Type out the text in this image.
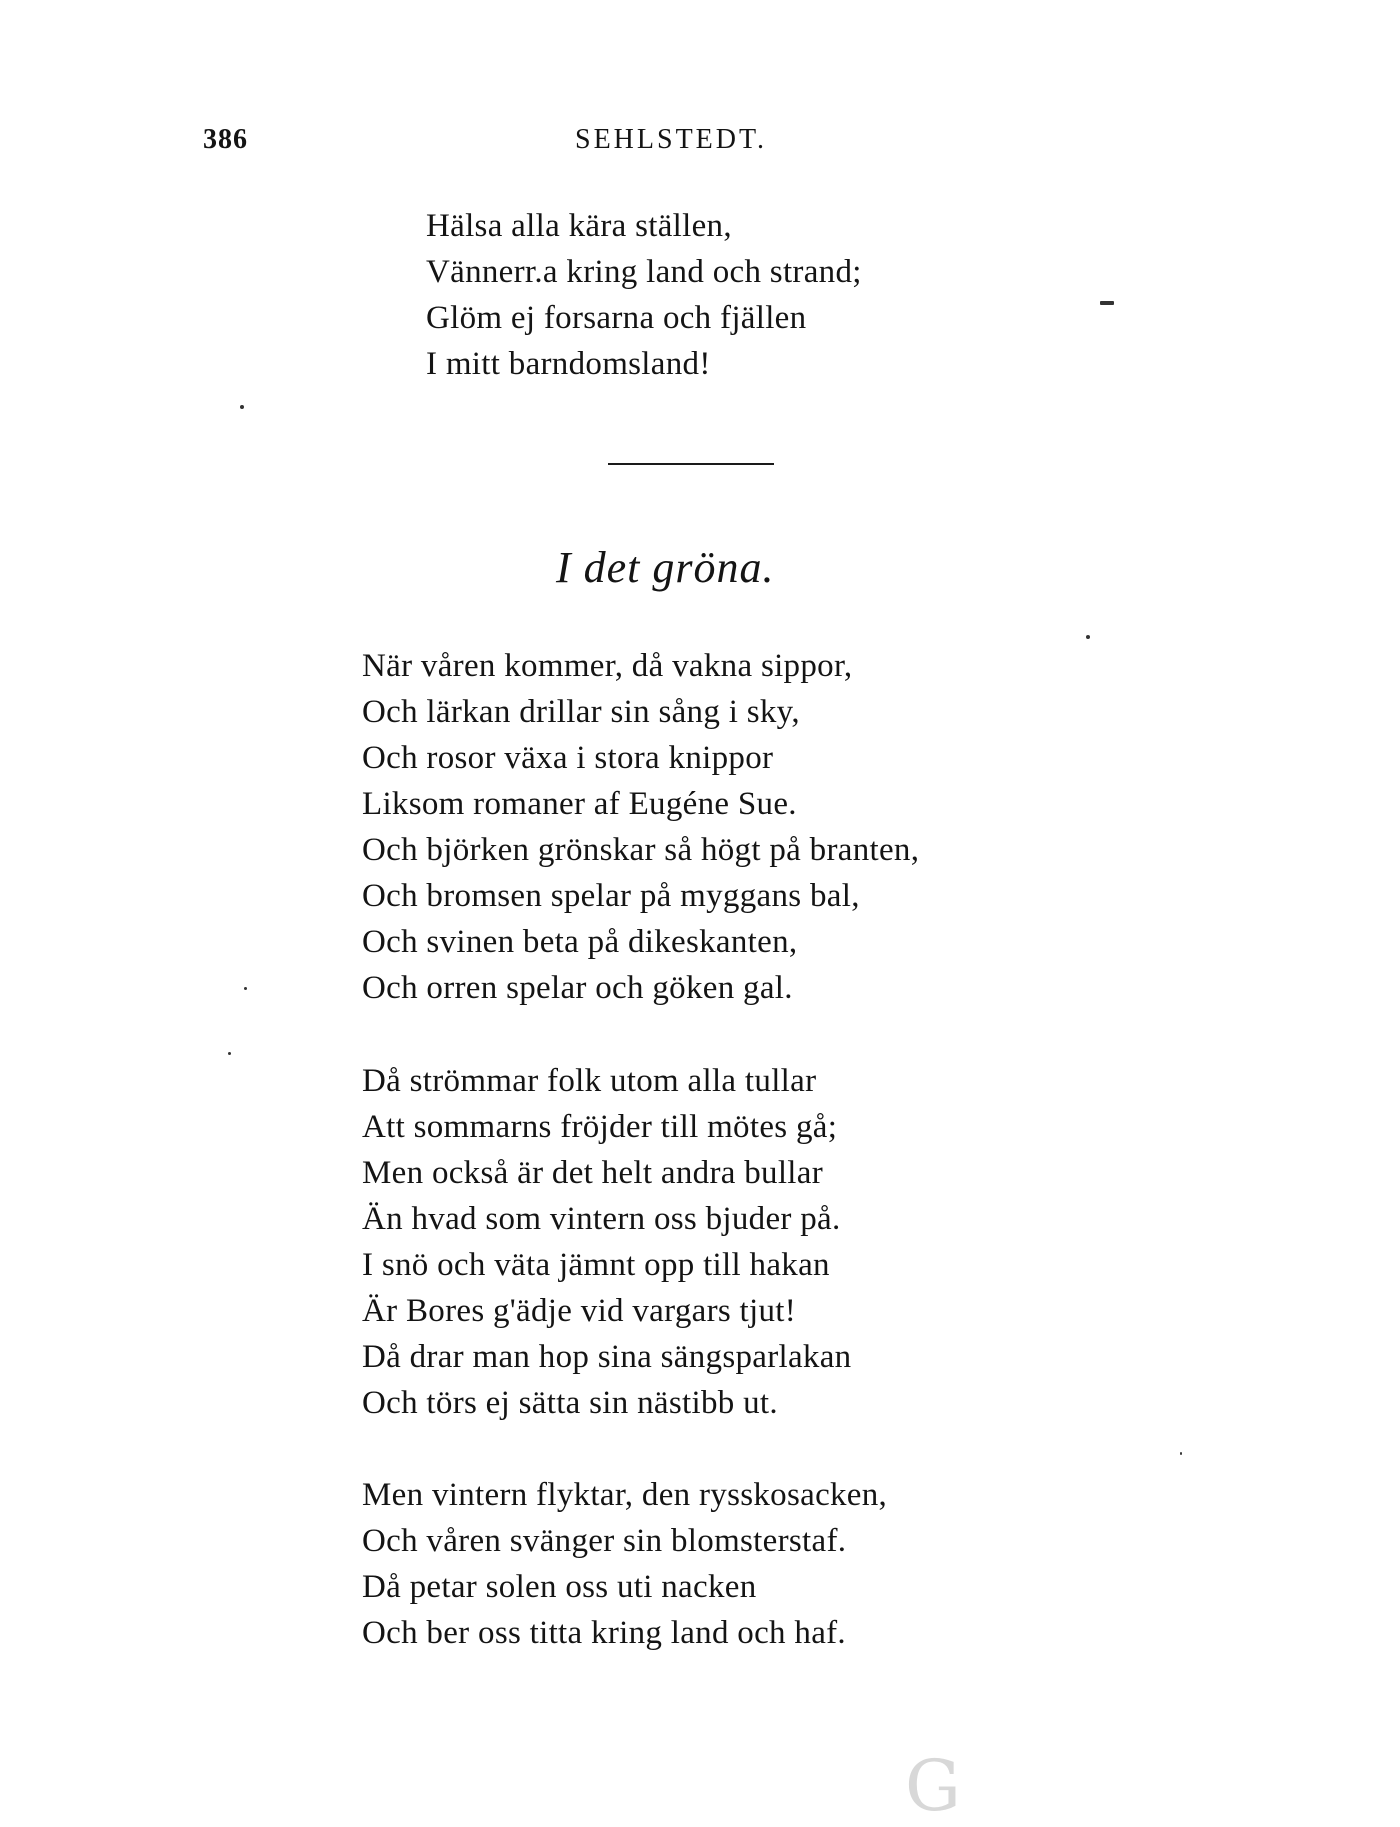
386	SEHLSTEDT.
Hälsa alla kära ställen,
Vännerr.a kring land och strand;
Glöm ej forsarna och fjällen
I mitt barndomsland!
I det gröna.
När våren kommer, då vakna sippor,
Och lärkan drillar sin sång i sky,
Och rosor växa i stora knippor
Liksom romaner af Eugéne Sue.
Och björken grönskar så högt på branten,
Och bromsen spelar på myggans bal,
Och svinen beta på dikeskanten,
Och orren spelar och göken gal.
Då strömmar folk utom alla tullar
Att sommarns fröjder till mötes gå;
Men också är det helt andra bullar
Än hvad som vintern oss bjuder på.
I snö och väta jämnt opp till hakan
Är Bores g'ädje vid vargars tjut!
Då drar man hop sina sängsparlakan
Och törs ej sätta sin nästibb ut.
Men vintern flyktar, den rysskosacken,
Och våren svänger sin blomsterstaf.
Då petar solen oss uti nacken
Och ber oss titta kring land och haf.
G
